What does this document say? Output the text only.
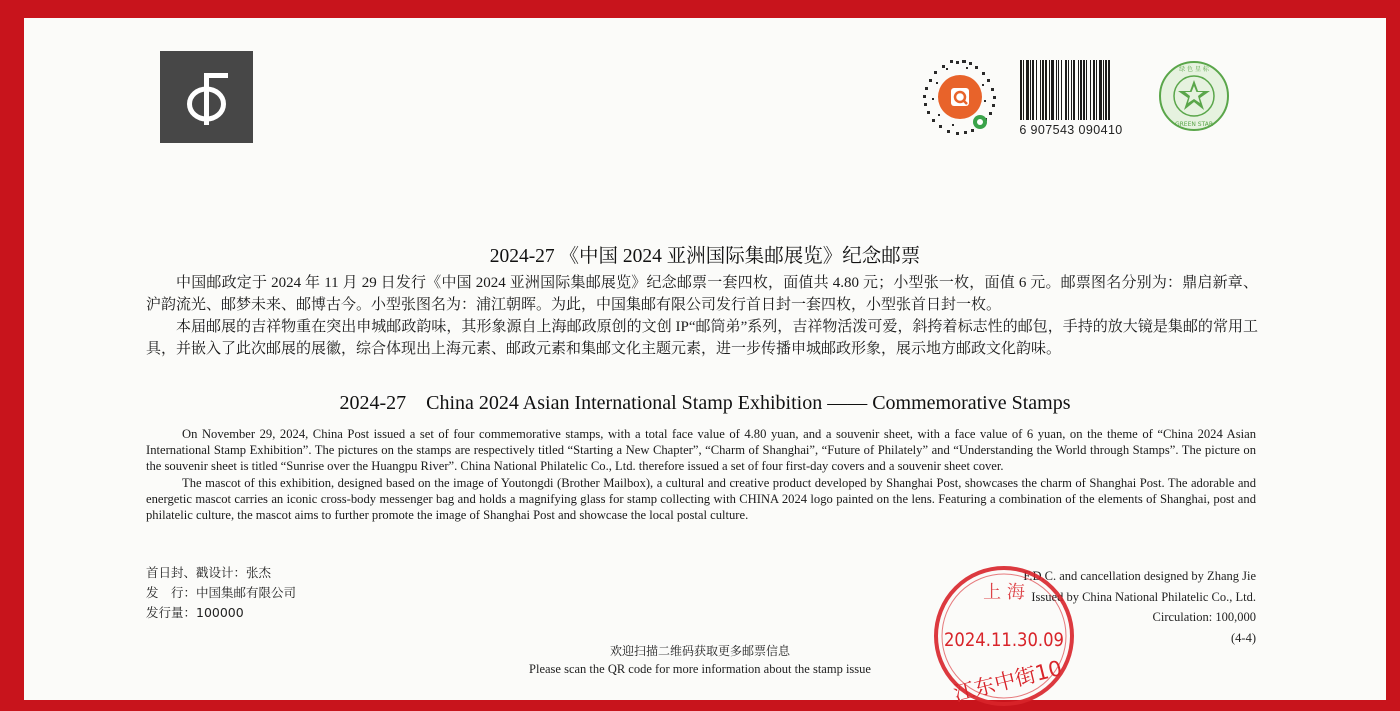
6 907543 090410
绿 色 星 标
GREEN STAR
2024-27 《中国 2024 亚洲国际集邮展览》纪念邮票

中国邮政定于 2024 年 11 月 29 日发行《中国 2024 亚洲国际集邮展览》纪念邮票一套四枚，面值共 4.80 元；小型张一枚，面值 6 元。邮票图名分别为：鼎启新章、沪韵流光、邮梦未来、邮博古今。小型张图名为：浦江朝晖。为此，中国集邮有限公司发行首日封一套四枚，小型张首日封一枚。

本届邮展的吉祥物重在突出申城邮政韵味，其形象源自上海邮政原创的文创 IP“邮筒弟”系列，吉祥物活泼可爱，斜挎着标志性的邮包，手持的放大镜是集邮的常用工具，并嵌入了此次邮展的展徽，综合体现出上海元素、邮政元素和集邮文化主题元素，进一步传播申城邮政形象，展示地方邮政文化韵味。

2024-27    China 2024 Asian International Stamp Exhibition —— Commemorative Stamps

On November 29, 2024, China Post issued a set of four commemorative stamps, with a total face value of 4.80 yuan, and a souvenir sheet, with a face value of 6 yuan, on the theme of “China 2024 Asian International Stamp Exhibition”. The pictures on the stamps are respectively titled “Starting a New Chapter”, “Charm of Shanghai”, “Future of Philately” and “Understanding the World through Stamps”. The picture on the souvenir sheet is titled “Sunrise over the Huangpu River”. China National Philatelic Co., Ltd. therefore issued a set of four first-day covers and a souvenir sheet cover.

The mascot of this exhibition, designed based on the image of Youtongdi (Brother Mailbox), a cultural and creative product developed by Shanghai Post, showcases the charm of Shanghai Post. The adorable and energetic mascot carries an iconic cross-body messenger bag and holds a magnifying glass for stamp collecting with CHINA 2024 logo painted on the lens. Featuring a combination of the elements of Shanghai, post and philatelic culture, the mascot aims to further promote the image of Shanghai Post and showcase the local postal culture.

首日封、戳设计：张杰
发　行：中国集邮有限公司
发行量：100000
F.D.C. and cancellation designed by Zhang Jie
Issued by China National Philatelic Co., Ltd.
Circulation: 100,000
(4-4)
欢迎扫描二维码获取更多邮票信息
Please scan the QR code for more information about the stamp issue
上 海
2024.11.30.09
江东中街10
